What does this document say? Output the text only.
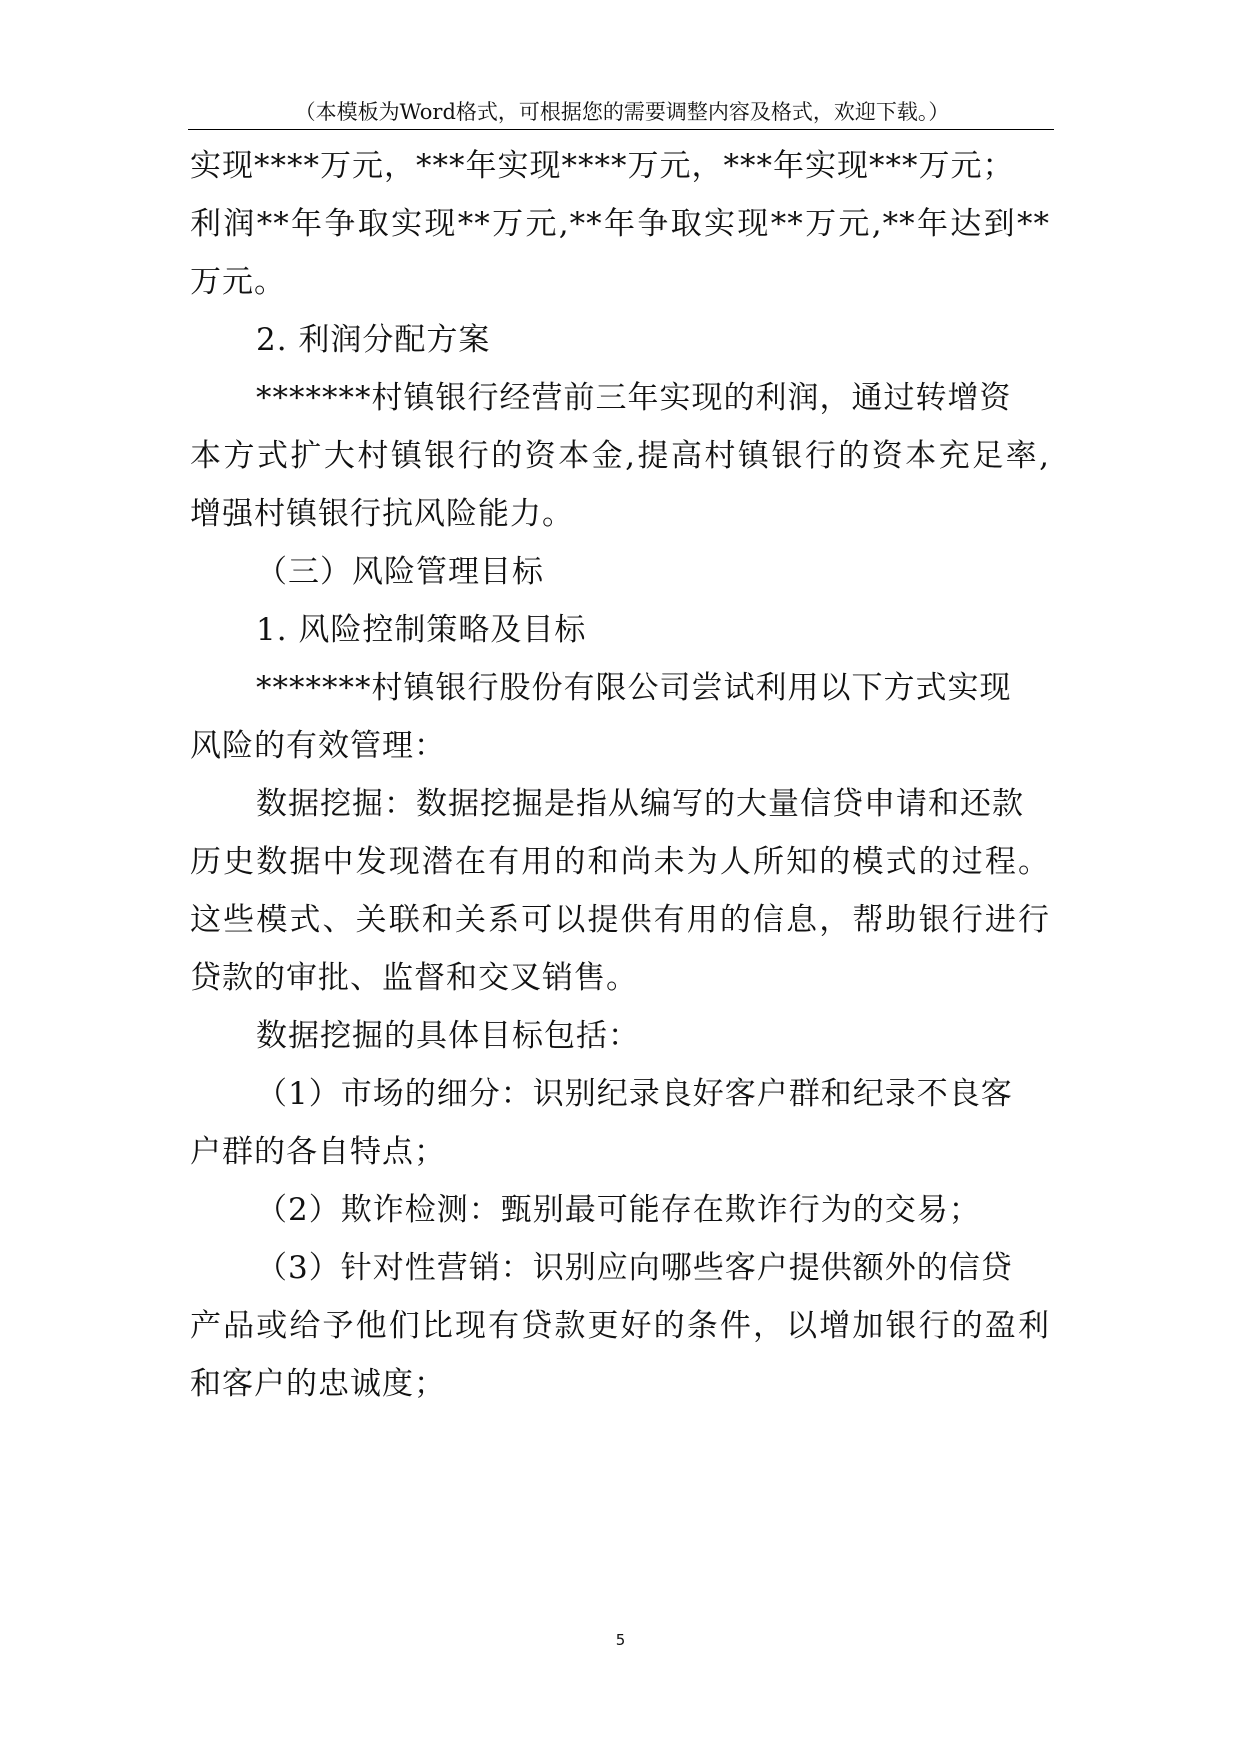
（本模板为Word格式，可根据您的需要调整内容及格式，欢迎下载。）
实现****万元，***年实现****万元，***年实现***万元；
利润**年争取实现**万元,**年争取实现**万元,**年达到**
万元。
2. 利润分配方案
*******村镇银行经营前三年实现的利润，通过转增资
本方式扩大村镇银行的资本金,提高村镇银行的资本充足率,
增强村镇银行抗风险能力。
（三）风险管理目标
1. 风险控制策略及目标
*******村镇银行股份有限公司尝试利用以下方式实现
风险的有效管理：
数据挖掘：数据挖掘是指从编写的大量信贷申请和还款
历史数据中发现潜在有用的和尚未为人所知的模式的过程。
这些模式、关联和关系可以提供有用的信息，帮助银行进行
贷款的审批、监督和交叉销售。
数据挖掘的具体目标包括：
（1）市场的细分：识别纪录良好客户群和纪录不良客
户群的各自特点；
（2）欺诈检测：甄别最可能存在欺诈行为的交易；
（3）针对性营销：识别应向哪些客户提供额外的信贷
产品或给予他们比现有贷款更好的条件，以增加银行的盈利
和客户的忠诚度；
5
